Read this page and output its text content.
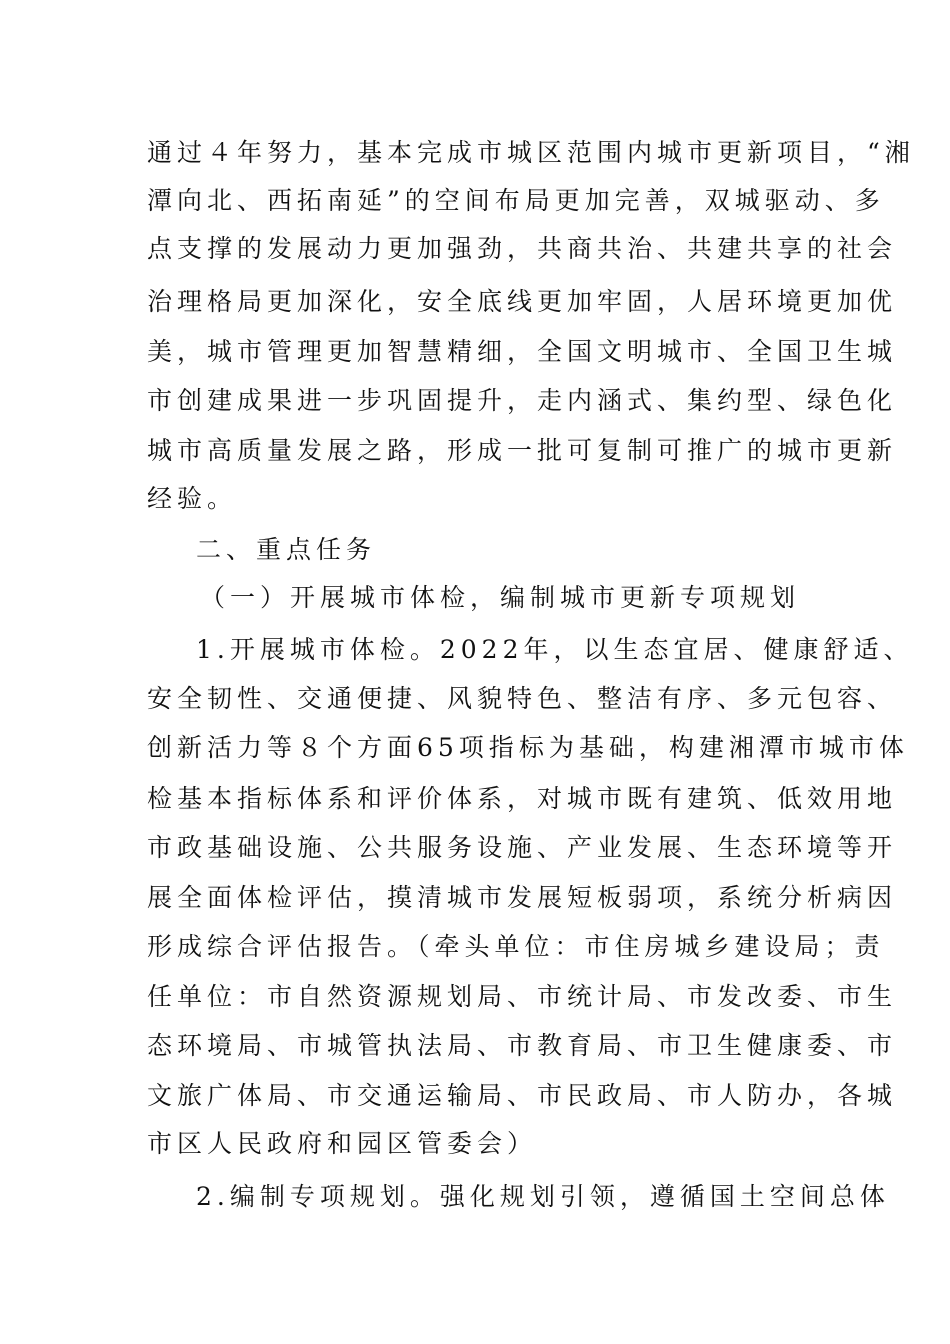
通过４年努力，基本完成市城区范围内城市更新项目，“湘
潭向北、西拓南延”的空间布局更加完善，双城驱动、多
点支撑的发展动力更加强劲，共商共治、共建共享的社会
治理格局更加深化，安全底线更加牢固，人居环境更加优
美，城市管理更加智慧精细，全国文明城市、全国卫生城
市创建成果进一步巩固提升，走内涵式、集约型、绿色化
城市高质量发展之路，形成一批可复制可推广的城市更新
经验。
二、重点任务
（一）开展城市体检，编制城市更新专项规划
1.开展城市体检。2022年，以生态宜居、健康舒适、
安全韧性、交通便捷、风貌特色、整洁有序、多元包容、
创新活力等８个方面65项指标为基础，构建湘潭市城市体
检基本指标体系和评价体系，对城市既有建筑、低效用地
市政基础设施、公共服务设施、产业发展、生态环境等开
展全面体检评估，摸清城市发展短板弱项，系统分析病因
形成综合评估报告。（牵头单位：市住房城乡建设局；责
任单位：市自然资源规划局、市统计局、市发改委、市生
态环境局、市城管执法局、市教育局、市卫生健康委、市
文旅广体局、市交通运输局、市民政局、市人防办，各城
市区人民政府和园区管委会）
2.编制专项规划。强化规划引领，遵循国土空间总体
